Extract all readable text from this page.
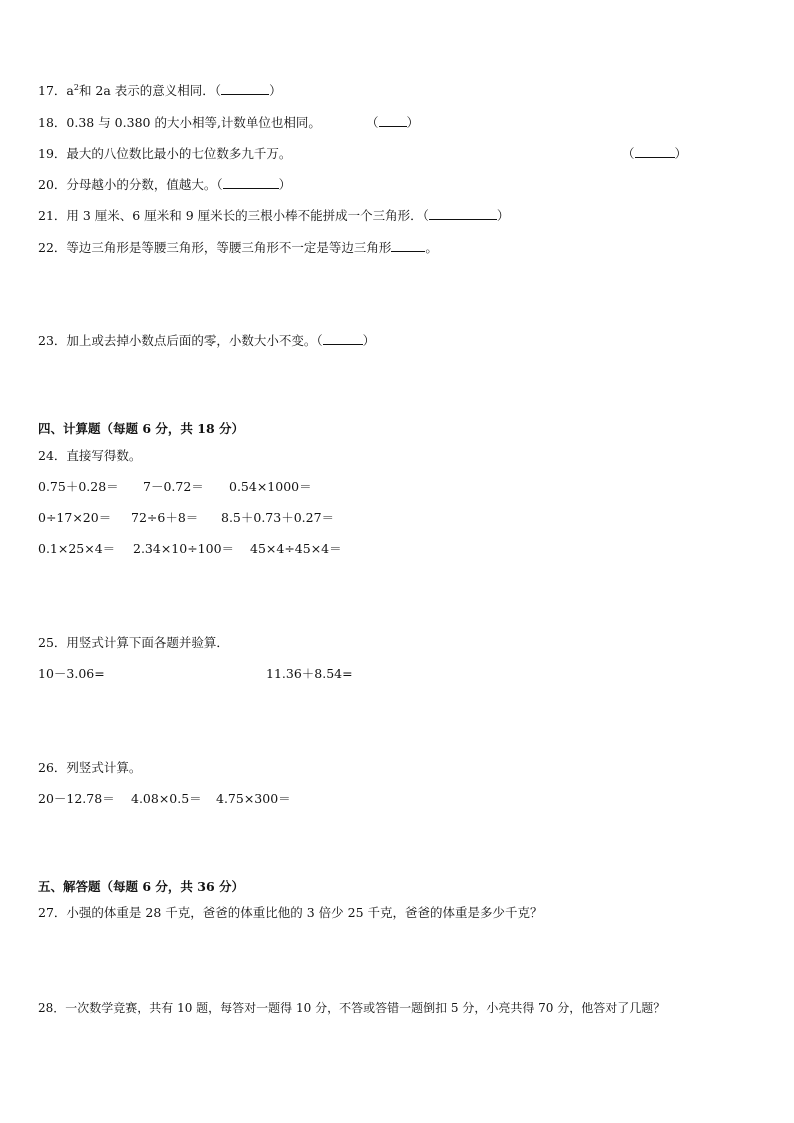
17．$a^2$和 2a 表示的意义相同．（	）
18．0.38 与 0.380 的大小相等,计数单位也相同。	（ ）
19．最大的八位数比最小的七位数多九千万。	（	）
20．分母越小的分数，值越大。（	）
21．用 3 厘米、6 厘米和 9 厘米长的三根小棒不能拼成一个三角形．（	）
22．等边三角形是等腰三角形，等腰三角形不一定是等边三角形	。
23．加上或去掉小数点后面的零，小数大小不变。（	）
四、计算题（每题 6 分，共 18 分）
24．直接写得数。
0.75＋0.28＝ 7－0.72＝ 0.54×1000＝
0÷17×20＝ 72÷6＋8＝ 8.5＋0.73＋0.27＝
0.1×25×4＝ 2.34×10÷100＝ 45×4÷45×4＝
25．用竖式计算下面各题并验算．
10－3.06=	11.36＋8.54=
26．列竖式计算。
20－12.78＝ 4.08×0.5＝ 4.75×300＝
五、解答题（每题 6 分，共 36 分）
27．小强的体重是 28 千克，爸爸的体重比他的 3 倍少 25 千克，爸爸的体重是多少千克？
28．一次数学竞赛，共有 10 题，每答对一题得 10 分，不答或答错一题倒扣 5 分，小亮共得 70 分，他答对了几题？
